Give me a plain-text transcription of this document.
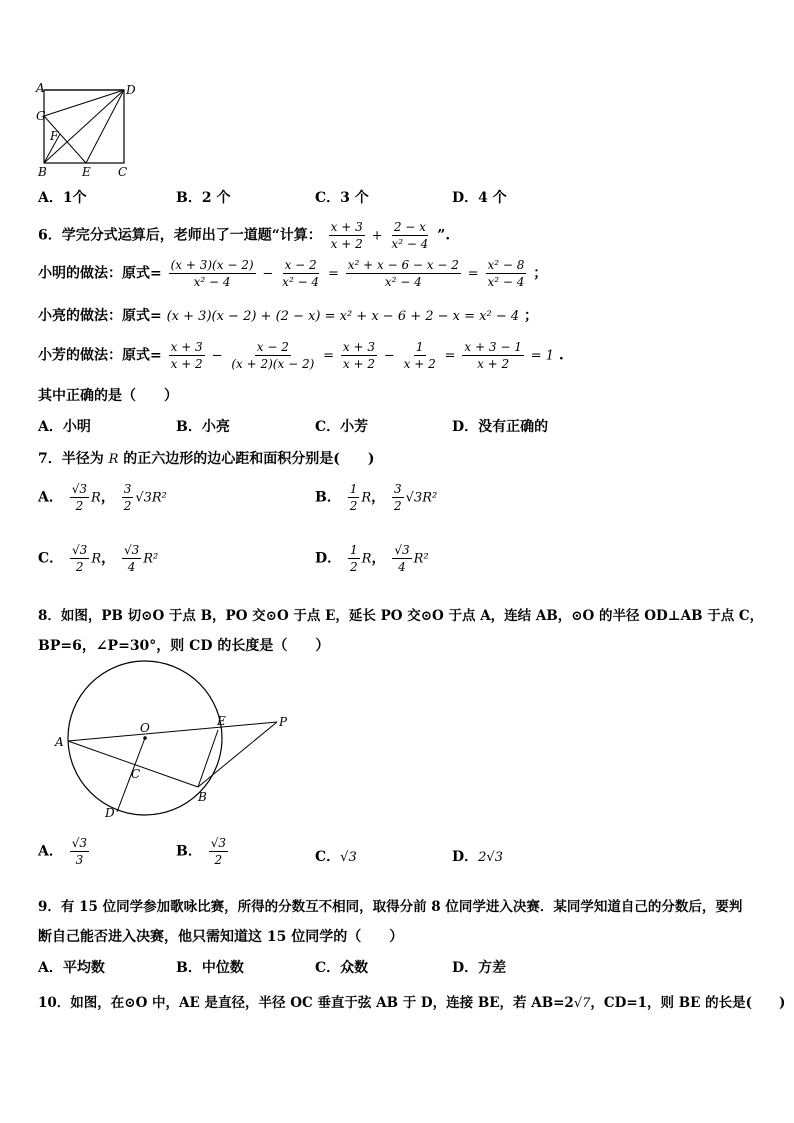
A	D
G
F
B	E C
A．1个	B．2 个	C．3 个	D．4 个
6．学完分式运算后，老师出了一道题“计算： $\frac{x + 3}{x + 2} + \frac{2 - x}{\text{x² − 4}}$ ”.
小明的做法：原式= $\frac{(x + 3)(x - 2)}{\text{x² − 4}} - \frac{x - 2}{\text{x² − 4}} = \frac{\text{x² + x − 6 − x − 2}}{\text{x² − 4}} = \frac{\text{x² − 8}}{\text{x² − 4}}$ ；
小亮的做法：原式= (x + 3)(x − 2) + (2 − x) = x² + x − 6 + 2 − x = x² − 4 ；
小芳的做法：原式= $\frac{x + 3}{x + 2} - \frac{x - 2}{(x + 2)(x - 2)} = \frac{x + 3}{x + 2} - \frac{1}{x + 2} = \frac{x + 3 - 1}{x + 2} = 1$ .
其中正确的是（　　）
A．小明	B．小亮	C．小芳	D．没有正确的
7．半径为 R 的正六边形的边心距和面积分别是(　　)
A． $\frac{√3}{2}$ R， $\frac{3}{2} √3R^2$	B． $\frac{1}{2}$ R， $\frac{3}{2} √3R^2$
C． $\frac{√3}{2}$ R， $\frac{√3}{4} R^2$	D． $\frac{1}{2}$ R， $\frac{√3}{4} R^2$
8．如图，PB 切⊙O 于点 B，PO 交⊙O 于点 E，延长 PO 交⊙O 于点 A，连结 AB，⊙O 的半径 OD⊥AB 于点 C，
BP=6，∠P=30°，则 CD 的长度是（　　）
O	E	P
A
C
B
D
A． $\frac{√3}{3}$	B． $\frac{√3}{2}$	C．√3	D．2√3
9．有 15 位同学参加歌咏比赛，所得的分数互不相同，取得分前 8 位同学进入决赛．某同学知道自己的分数后，要判
断自己能否进入决赛，他只需知道这 15 位同学的（　　）
A．平均数	B．中位数	C．众数	D．方差
10．如图，在⊙O 中，AE 是直径，半径 OC 垂直于弦 AB 于 D，连接 BE，若 AB=2√7，CD=1，则 BE 的长是(　　)
